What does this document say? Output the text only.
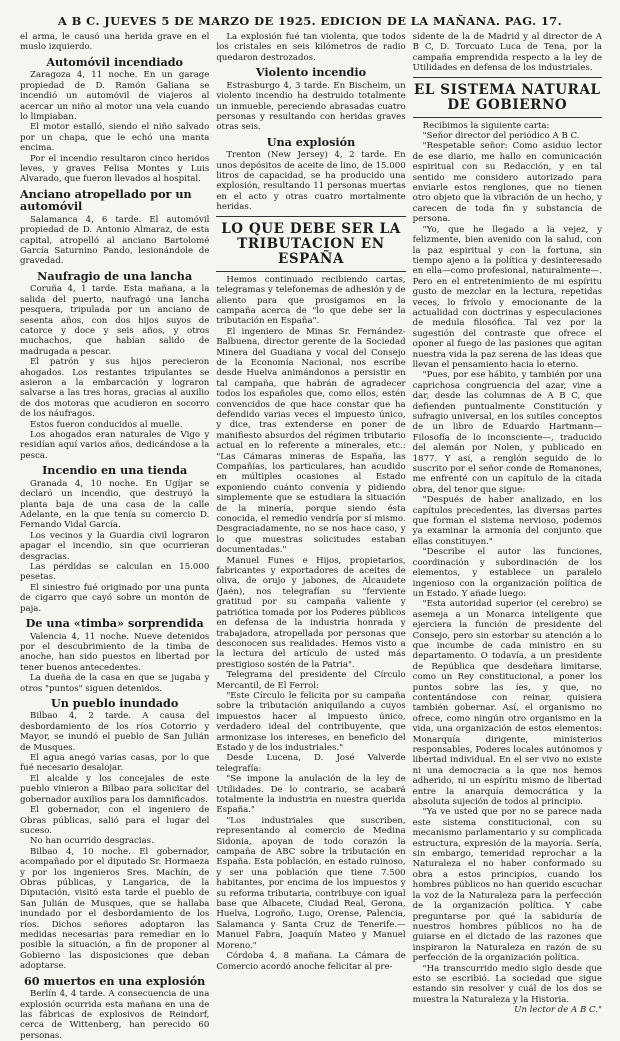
A B C. JUEVES 5 DE MARZO DE 1925. EDICION DE LA MAÑANA. PAG. 17.

el arma, le causó una herida grave en el muslo izquierdo.

Automóvil incendiado

Zaragoza 4, 11 noche. En un garage propiedad de D. Ramón Galiana se incendió un automóvil de viajeros al acercar un niño al motor una vela cuando lo limpiaban.

El motor estalló, siendo el niño salvado por un chapa, que le echó una manta encima.

Por el incendio resultaron cinco heridos leves, y graves Felisa Montes y Luis Alvarado, que fueron llevados al hospital.

Anciano atropellado por un automóvil

Salamanca 4, 6 tarde. El automóvil propiedad de D. Antonio Almaraz, de esta capital, atropelló al anciano Bartolomé García Saturnino Pando, lesionándole de gravedad.

Naufragio de una lancha

Coruña 4, 1 tarde. Esta mañana, a la salida del puerto, naufragó una lancha pesquera, tripulada por un anciano de sesenta años, con dos hijos suyos de catorce y doce y seis años, y otros muchachos, que habían salido de madrugada a pescar.

El patrón y sus hijos perecieron ahogados. Los restantes tripulantes se asieron a la embarcación y lograron salvarse a las tres horas, gracias al auxilio de dos motoras que acudieron en socorro de los náufragos.

Estos fueron conducidos al muelle.

Los ahogados eran naturales de Vigo y residían aquí varios años, dedicándose a la pesca.

Incendio en una tienda

Granada 4, 10 noche. En Ugíjar se declaró un incendio, que destruyó la planta baja de una casa de la calle Adelante, en la que tenía su comercio D. Fernando Vidal García.

Los vecinos y la Guardia civil lograron apagar el incendio, sin que ocurrieran desgracias.

Las pérdidas se calculan en 15.000 pesetas.

El siniestro fué originado por una punta de cigarro que cayó sobre un montón de paja.

De una «timba» sorprendida

Valencia 4, 11 noche. Nueve detenidos por el descubrimiento de la timba de anoche, han sido puestos en libertad por tener buenos antecedentes.

La dueña de la casa en que se jugaba y otros "puntos" siguen detenidos.

Un pueblo inundado

Bilbao 4, 2 tarde. A causa del desbordamiento de los ríos Cotorrio y Mayor, se inundó el pueblo de San Julián de Musques.

El agua anegó varias casas, por lo que fué necesario desalojar.

El alcalde y los concejales de este pueblo vinieron a Bilbao para solicitar del gobernador auxilios para los damnificados.

El gobernador, con el ingeniero de Obras públicas, salió para el lugar del suceso.

No han ocurrido desgracias.

Bilbao 4, 10 noche. El gobernador, acompañado por el diputado Sr. Hormaeza y por los ingenieros Sres. Machín, de Obras públicas, y Langarica, de la Diputación, visitó esta tarde el pueblo de San Julián de Musques, que se hallaba inundado por el desbordamiento de los ríos. Dichos señores adoptaron las medidas necesarias para remediar en lo posible la situación, a fin de proponer al Gobierno las disposiciones que deban adoptarse.

60 muertos en una explosión

Berlín 4, 4 tarde. A consecuencia de una explosión ocurrida esta mañana en una de las fábricas de explosivos de Reindorf, cerca de Wittenberg, han perecido 60 personas.

La explosión fué tan violenta, que todos los cristales en seis kilómetros de radio quedaron destrozados.

Violento incendio

Estrasburgo 4, 3 tarde. En Bischeim, un violento incendio ha destruido totalmente un inmueble, pereciendo abrasadas cuatro personas y resultando con heridas graves otras seis.

Una explosión

Trenton (New Jersey) 4, 2 tarde. En unos depósitos de aceite de lino, de 15.000 litros de capacidad, se ha producido una explosión, resultando 11 personas muertas en el acto y otras cuatro mortalmente heridas.

LO QUE DEBE SER LA TRIBUTACION EN ESPAÑA

Hemos continuado recibiendo cartas, telegramas y telefonemas de adhesión y de aliento para que prosigamos en la campaña acerca de "lo que debe ser la tributación en España".

El ingeniero de Minas Sr. Fernández-Balbuena, director gerente de la Sociedad Minera del Guadiana y vocal del Consejo de la Economía Nacional, nos escribe desde Huelva animándonos a persistir en tal campaña, que habrán de agradecer todos los españoles que, como ellos, estén convencidos de que hace constar que ha defendido varias veces el impuesto único, y dice, tras extenderse en poner de manifiesto absurdos del régimen tributario actual en lo referente a minerales, etc.: "Las Cámaras mineras de España, las Compañías, los particulares, han acudido en múltiples ocasiones al Estado exponiendo cuánto convenía y pidiendo simplemente que se estudiara la situación de la minería, porque siendo ésta conocida, el remedio vendría por sí mismo. Desgraciadamente, no se nos hace caso, y lo que muestras solicitudes estaban documentadas."

Manuel Funes e Hijos, propietarios, fabricantes y exportadores de aceites de oliva, de orujo y jabones, de Alcaudete (Jaén), nos telegrafían su "ferviente gratitud por su campaña valiente y patriótica tomada por los Poderes públicos en defensa de la industria honrada y trabajadora, atropellada por personas que desconocen sus realidades. Hemos visto a la lectura del artículo de usted más prestigioso sostén de la Patria".

Telegrama del presidente del Círculo Mercantil, de El Ferrol:

"Este Círculo le felicita por su campaña sobre la tributación aniquilando a cuyos impuestos hacer al impuesto único, verdadero ideal del contribuyente, que armonizase los intereses, en beneficio del Estado y de los industriales."

Desde Lucena, D. José Valverde telegrafía:

"Se impone la anulación de la ley de Utilidades. De lo contrario, se acabará totalmente la industria en nuestra querida España."

"Los industriales que suscriben, representando al comercio de Medina Sidonia, apoyan de todo corazón la campaña de ABC sobre la tributación en España. Esta población, en estado ruinoso, y ser una población que tiene 7.500 habitantes, por encima de los impuestos y su reforma tributaria, contribuye con igual base que Albacete, Ciudad Real, Gerona, Huelva, Logroño, Lugo, Orense, Palencia, Salamanca y Santa Cruz de Tenerife.—Manuel Fabra, Joaquín Mateo y Manuel Moreno."

Córdoba 4, 8 mañana. La Cámara de Comercio acordó anoche felicitar al pre-

sidente de la de Madrid y al director de A B C, D. Torcuato Luca de Tena, por la campaña emprendida respecto a la ley de Utilidades en defensa de los industriales.

EL SISTEMA NATURAL DE GOBIERNO

Recibimos la siguiente carta:

"Señor director del periódico A B C.

"Respetable señor: Como asiduo lector de ese diario, me hallo en comunicación espiritual con su Redacción, y en tal sentido me considero autorizado para enviarle estos renglones, que no tienen otro objeto que la vibración de un hecho, y carecen de toda fin y substancia de persona.

"Yo, que he llegado a la vejez, y felizmente, bien avenido con la salud, con la paz espiritual y con la fortuna, sin tiempo ajeno a la política y desinteresado en ella—como profesional, naturalmente—. Pero en el entretenimiento de mi espíritu gusto de mezclar en la lectura, repetidas veces, lo frívolo y emocionante de la actualidad con doctrinas y especulaciones de medula filosófica. Tal vez por la sugestión del contraste que ofrece el oponer al fuego de las pasiones que agitan nuestra vida la paz serena de las ideas que llevan el pensamiento hacia lo eterno.

"Pues, por ese hábito, y también por una caprichosa congruencia del azar, vine a dar, desde las columnas de A B C, que defienden puntualmente Constitución y sufragio universal, en los sutiles conceptos de un libro de Eduardo Hartmann—Filosofía de lo inconsciente—, traducido del alemán por Nolen, y publicado en 1877. Y así, a renglón seguido de lo suscrito por el señor conde de Romanones, me enfrenté con un capítulo de la citada obra, del tenor que sigue:

"Después de haber analizado, en los capítulos precedentes, las diversas partes que forman el sistema nervioso, podemos ya examinar la armonía del conjunto que ellas constituyen."

"Describe el autor las funciones, coordinación y subordinación de los elementos, y establece un paralelo ingenioso con la organización política de un Estado. Y añade luego:

"Esta autoridad superior (el cerebro) se asemeja a un Monarca inteligente que ejerciera la función de presidente del Consejo, pero sin estorbar su atención a lo que incumbe de cada ministro en su departamento. O todavía, a un presidente de República que desdeñara limitarse, como un Rey constitucional, a poner los puntos sobre las íes, y que, no contentándose con reinar, quisiera también gobernar. Así, el organismo no ofrece, como ningún otro organismo en la vida, una organización de estos elementos: Monarquía dirigente, ministerios responsables, Poderes locales autónomos y libertad individual. En el ser vivo no existe ni una democracia a la que nos hemos adherido, ni un espíritu mismo de libertad entre la anarquía democrática y la absoluta sujeción de todos al principio.

"Ya ve usted que por no se parece nada este sistema constitucional, con su mecanismo parlamentario y su complicada estructura, expresión de la mayoría. Sería, sin embargo, temeridad reprochar a la Naturaleza el no haber conformado su obra a estos principios, cuando los hombres públicos no han querido escuchar la voz de la Naturaleza para la perfección de la organización política. Y cabe preguntarse por qué la sabiduría de nuestros hombres públicos no ha de guiarse en el dictado de las razones que inspiraron la Naturaleza en razón de su perfección de la organización política.

"Ha transcurrido medio siglo desde que esto se escribió. La sociedad que sigue estando sin resolver y cuál de los dos se muestra la Naturaleza y la Historia.

Un lector de A B C."
